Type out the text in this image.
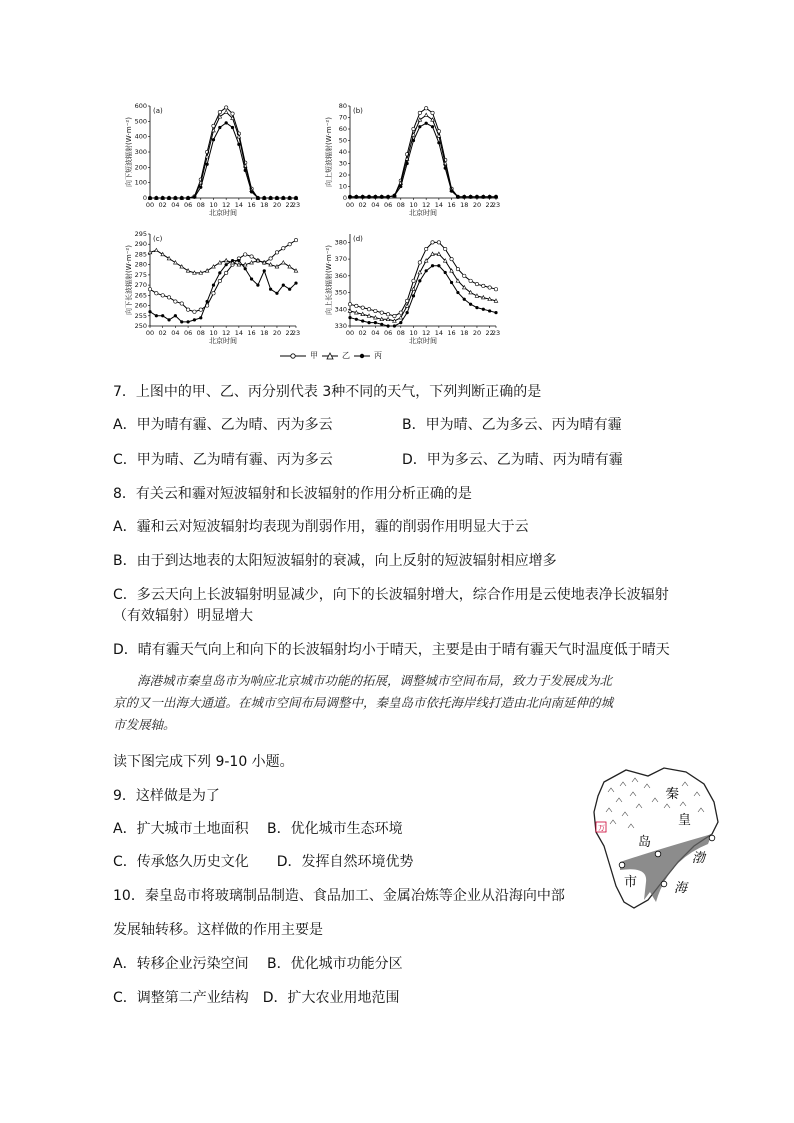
0
100
200
300
400
500
600
00 02 04 06 08 10 12 14 16 18 20 22
23
(a)
北京时间
向下短波辐射(W·m⁻²)
0
10
20
30
40
50
60
70
80
00 02 04 06 08 10 12 14 16 18 20 22
23
(b)
北京时间
向上短波辐射(W·m⁻²)
250
255
260
265
270
275
280
285
290
295
00 02 04 06 08 10 12 14 16 18 20 22
23
(c)
北京时间
向下长波辐射(W·m⁻²)
330
340
350
360
370
380
00 02 04 06 08 10 12 14 16 18 20 22
23
(d)
北京时间
向上长波辐射(W·m⁻²)
甲	乙	丙
7．上图中的甲、乙、丙分别代表 3种不同的天气，下列判断正确的是
A．甲为晴有霾、乙为晴、丙为多云	B．甲为晴、乙为多云、丙为晴有霾
C．甲为晴、乙为晴有霾、丙为多云	D．甲为多云、乙为晴、丙为晴有霾
8．有关云和霾对短波辐射和长波辐射的作用分析正确的是
A．霾和云对短波辐射均表现为削弱作用，霾的削弱作用明显大于云
B．由于到达地表的太阳短波辐射的衰减，向上反射的短波辐射相应增多
C．多云天向上长波辐射明显减少，向下的长波辐射增大，综合作用是云使地表净长波辐射
（有效辐射）明显增大
D．晴有霾天气向上和向下的长波辐射均小于晴天，主要是由于晴有霾天气时温度低于晴天
海港城市秦皇岛市为响应北京城市功能的拓展，调整城市空间布局，致力于发展成为北
京的又一出海大通道。在城市空间布局调整中，秦皇岛市依托海岸线打造由北向南延伸的城
市发展轴。
读下图完成下列 9-10 小题。
9．这样做是为了
A．扩大城市土地面积　 B．优化城市生态环境
C．传承悠久历史文化　　D．发挥自然环境优势
10．秦皇岛市将玻璃制品制造、食品加工、金属冶炼等企业从沿海向中部
发展轴转移。这样做的作用主要是
A．转移企业污染空间　 B．优化城市功能分区
C．调整第二产业结构　D．扩大农业用地范围
万
秦
皇
岛
市
渤
海
